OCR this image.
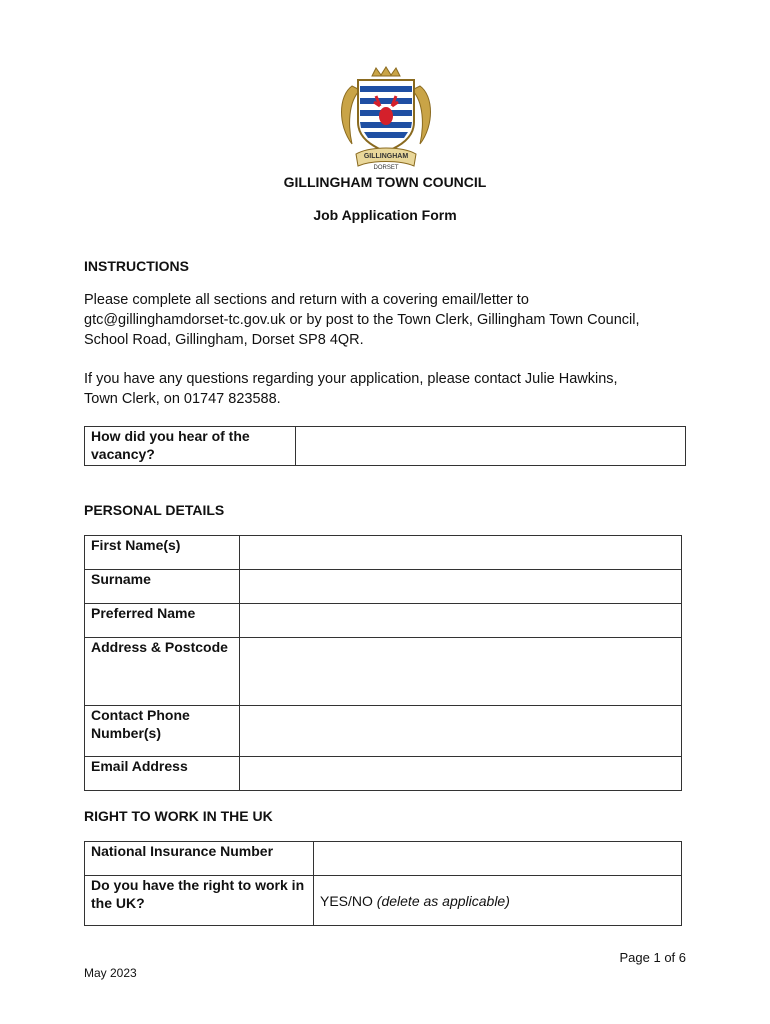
GILLINGHAM
DORSET
GILLINGHAM TOWN COUNCIL
Job Application Form
INSTRUCTIONS
Please complete all sections and return with a covering email/letter to
gtc@gillinghamdorset-tc.gov.uk or by post to the Town Clerk, Gillingham Town Council,
School Road, Gillingham, Dorset SP8 4QR.
If you have any questions regarding your application, please contact Julie Hawkins,
Town Clerk, on 01747 823588.
How did you hear of the vacancy?	
PERSONAL DETAILS
First Name(s)	
Surname	
Preferred Name	
Address & Postcode	
Contact Phone Number(s)	
Email Address	
RIGHT TO WORK IN THE UK
National Insurance Number	
Do you have the right to work in the UK?	YES/NO (delete as applicable)
Page 1 of 6
May 2023
